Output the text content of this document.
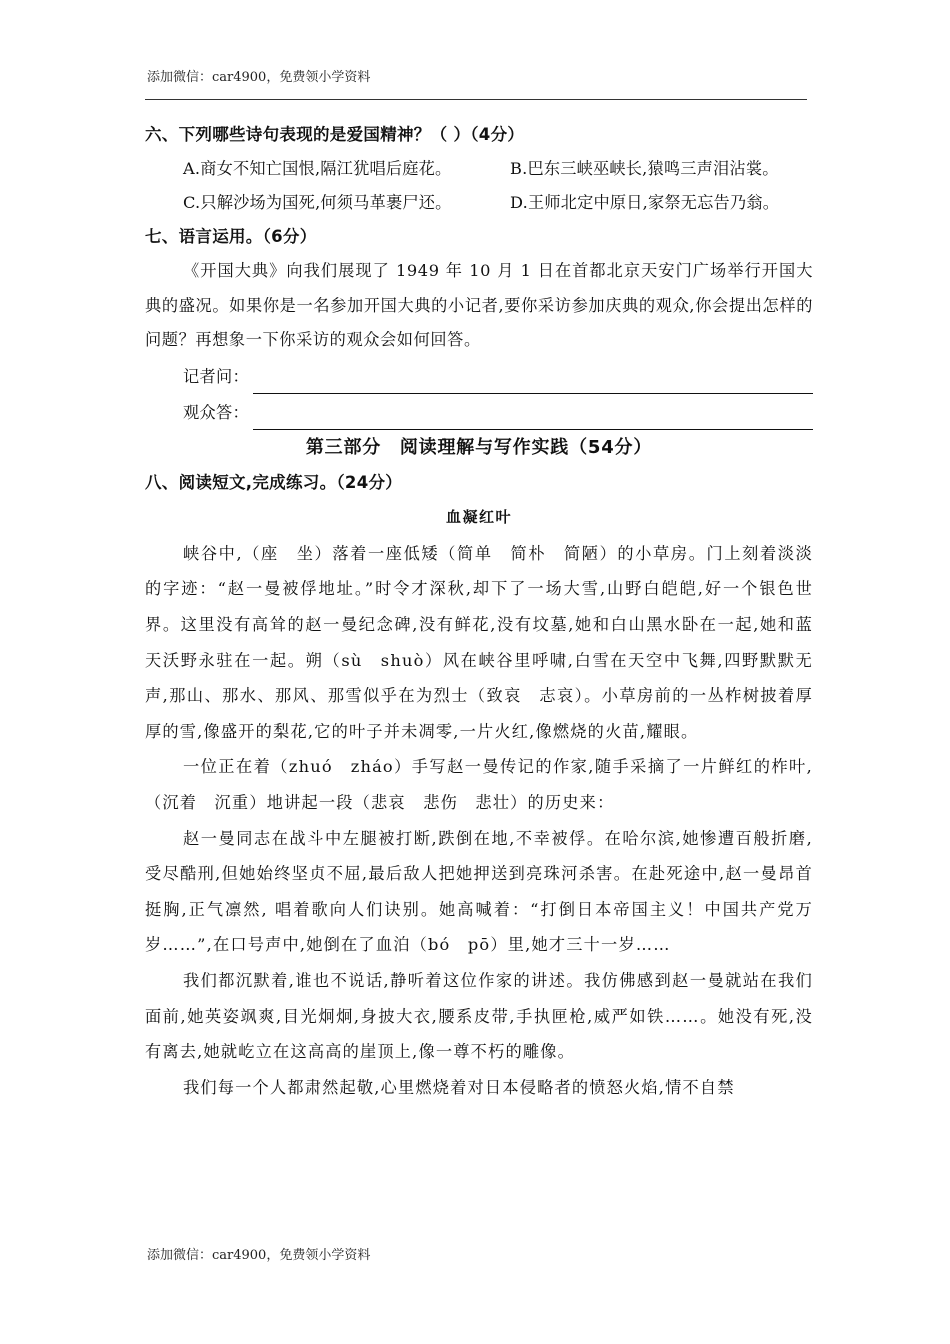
添加微信：car4900，免费领小学资料
六、下列哪些诗句表现的是爱国精神？（ ）（4分）
A.商女不知亡国恨,隔江犹唱后庭花。	B.巴东三峡巫峡长,猿鸣三声泪沾裳。
C.只解沙场为国死,何须马革裹尸还。	D.王师北定中原日,家祭无忘告乃翁。
七、语言运用。（6分）
《开国大典》向我们展现了 1949 年 10 月 1 日在首都北京天安门广场举行开国大典的盛况。如果你是一名参加开国大典的小记者,要你采访参加庆典的观众,你会提出怎样的问题？再想象一下你采访的观众会如何回答。
记者问：
观众答：
第三部分　阅读理解与写作实践（54分）
八、阅读短文,完成练习。（24分）
血凝红叶

峡谷中,（座　坐）落着一座低矮（简单　简朴　简陋）的小草房。门上刻着淡淡的字迹：“赵一曼被俘地址。”时令才深秋,却下了一场大雪,山野白皑皑,好一个银色世界。这里没有高耸的赵一曼纪念碑,没有鲜花,没有坟墓,她和白山黑水卧在一起,她和蓝天沃野永驻在一起。朔（sù　shuò）风在峡谷里呼啸,白雪在天空中飞舞,四野默默无声,那山、那水、那风、那雪似乎在为烈士（致哀　志哀）。小草房前的一丛柞树披着厚厚的雪,像盛开的梨花,它的叶子并未凋零,一片火红,像燃烧的火苗,耀眼。

一位正在着（zhuó　zháo）手写赵一曼传记的作家,随手采摘了一片鲜红的柞叶,（沉着　沉重）地讲起一段（悲哀　悲伤　悲壮）的历史来：

赵一曼同志在战斗中左腿被打断,跌倒在地,不幸被俘。在哈尔滨,她惨遭百般折磨,受尽酷刑,但她始终坚贞不屈,最后敌人把她押送到亮珠河杀害。在赴死途中,赵一曼昂首挺胸,正气凛然, 唱着歌向人们诀别。她高喊着：“打倒日本帝国主义！中国共产党万岁……”,在口号声中,她倒在了血泊（bó　pō）里,她才三十一岁……

我们都沉默着,谁也不说话,静听着这位作家的讲述。我仿佛感到赵一曼就站在我们面前,她英姿飒爽,目光炯炯,身披大衣,腰系皮带,手执匣枪,威严如铁……。她没有死,没有离去,她就屹立在这高高的崖顶上,像一尊不朽的雕像。

我们每一个人都肃然起敬,心里燃烧着对日本侵略者的愤怒火焰,情不自禁

添加微信：car4900，免费领小学资料
